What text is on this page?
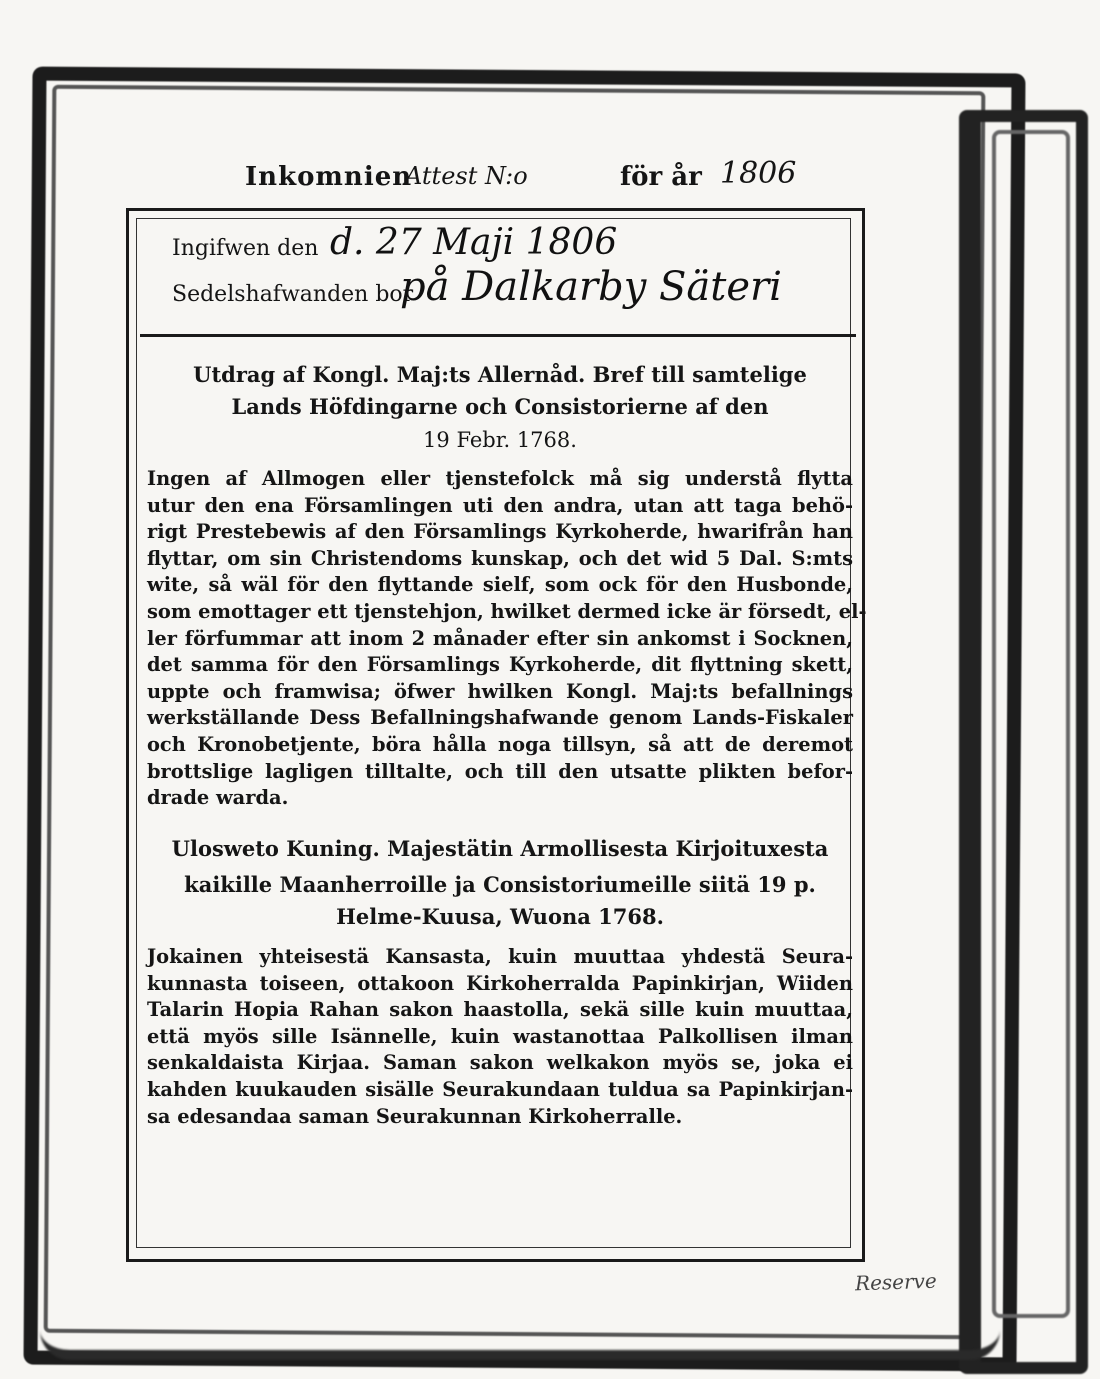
Inkomnien
Attest N:o	för år 1806
Ingifwen den d. 27 Maji 1806
Sedelshafwanden bor
på Dalkarby Säteri
Utdrag af Kongl. Maj:ts Allernåd. Bref till samtelige
Lands Höfdingarne och Consistorierne af den
19 Febr. 1768.
Ingen af Allmogen eller tjenstefolck må sig understå flytta
utur den ena Församlingen uti den andra, utan att taga behö-
rigt Prestebewis af den Församlings Kyrkoherde, hwarifrån han
flyttar, om sin Christendoms kunskap, och det wid 5 Dal. S:mts
wite, så wäl för den flyttande sielf, som ock för den Husbonde,
som emottager ett tjenstehjon, hwilket dermed icke är försedt, el-
ler förfummar att inom 2 månader efter sin ankomst i Socknen,
det samma för den Församlings Kyrkoherde, dit flyttning skett,
uppte och framwisa; öfwer hwilken Kongl. Maj:ts befallnings
werkställande Dess Befallningshafwande genom Lands-Fiskaler
och Kronobetjente, böra hålla noga tillsyn, så att de deremot
brottslige lagligen tilltalte, och till den utsatte plikten befor-
drade warda.
Ulosweto Kuning. Majestätin Armollisesta Kirjoituxesta
kaikille Maanherroille ja Consistoriumeille siitä 19 p.
Helme-Kuusa, Wuona 1768.
Jokainen yhteisestä Kansasta, kuin muuttaa yhdestä Seura-
kunnasta toiseen, ottakoon Kirkoherralda Papinkirjan, Wiiden
Talarin Hopia Rahan sakon haastolla, sekä sille kuin muuttaa,
että myös sille Isännelle, kuin wastanottaa Palkollisen ilman
senkaldaista Kirjaa. Saman sakon welkakon myös se, joka ei
kahden kuukauden sisälle Seurakundaan tuldua sa Papinkirjan-
sa edesandaa saman Seurakunnan Kirkoherralle.
Reserve
